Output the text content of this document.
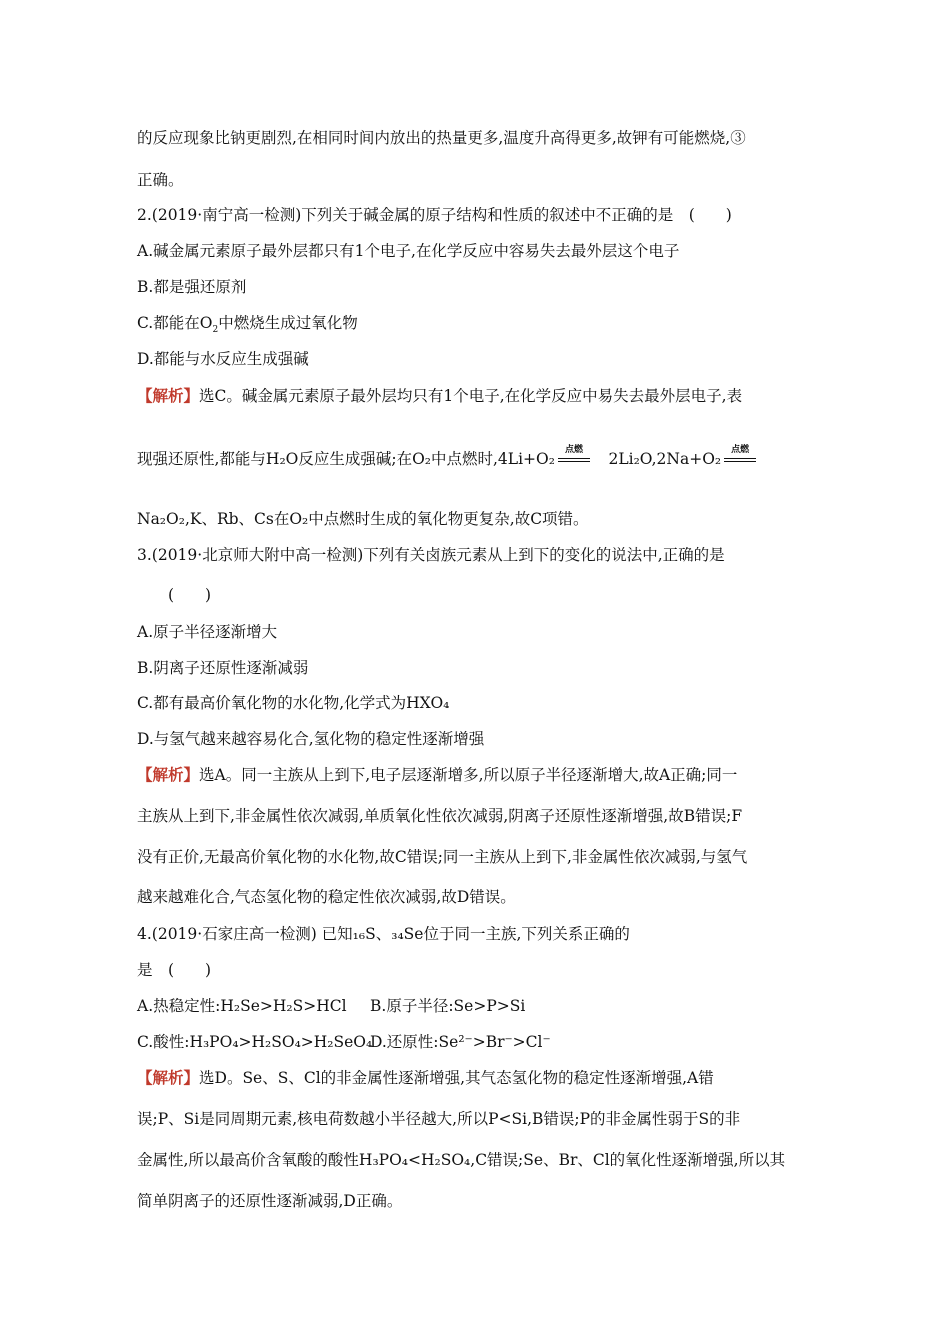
的反应现象比钠更剧烈,在相同时间内放出的热量更多,温度升高得更多,故钾有可能燃烧,③
正确。
2.(2019·南宁高一检测)下列关于碱金属的原子结构和性质的叙述中不正确的是　(　　)
A.碱金属元素原子最外层都只有1个电子,在化学反应中容易失去最外层这个电子
B.都是强还原剂
C.都能在$O_2$中燃烧生成过氧化物
D.都能与水反应生成强碱
【解析】选C。碱金属元素原子最外层均只有1个电子,在化学反应中易失去最外层电子,表
现强还原性,都能与H₂O反应生成强碱;在O₂中点燃时,4Li+O₂	点燃
　	2Li₂O,2Na+O₂	点燃
Na₂O₂,K、Rb、Cs在O₂中点燃时生成的氧化物更复杂,故C项错。
3.(2019·北京师大附中高一检测)下列有关卤族元素从上到下的变化的说法中,正确的是
(　　)
A.原子半径逐渐增大
B.阴离子还原性逐渐减弱
C.都有最高价氧化物的水化物,化学式为HXO₄
D.与氢气越来越容易化合,氢化物的稳定性逐渐增强
【解析】选A。同一主族从上到下,电子层逐渐增多,所以原子半径逐渐增大,故A正确;同一
主族从上到下,非金属性依次减弱,单质氧化性依次减弱,阴离子还原性逐渐增强,故B错误;F
没有正价,无最高价氧化物的水化物,故C错误;同一主族从上到下,非金属性依次减弱,与氢气
越来越难化合,气态氢化物的稳定性依次减弱,故D错误。
4.(2019·石家庄高一检测) 已知₁₆S、₃₄Se位于同一主族,下列关系正确的
是　(　　)
A.热稳定性:H₂Se>H₂S>HCl B.原子半径:Se>P>Si
C.酸性:H₃PO₄>H₂SO₄>H₂SeO₄
D.还原性:Se²⁻>Br⁻>Cl⁻
【解析】选D。Se、S、Cl的非金属性逐渐增强,其气态氢化物的稳定性逐渐增强,A错
误;P、Si是同周期元素,核电荷数越小半径越大,所以P<Si,B错误;P的非金属性弱于S的非
金属性,所以最高价含氧酸的酸性H₃PO₄<H₂SO₄,C错误;Se、Br、Cl的氧化性逐渐增强,所以其
简单阴离子的还原性逐渐减弱,D正确。
